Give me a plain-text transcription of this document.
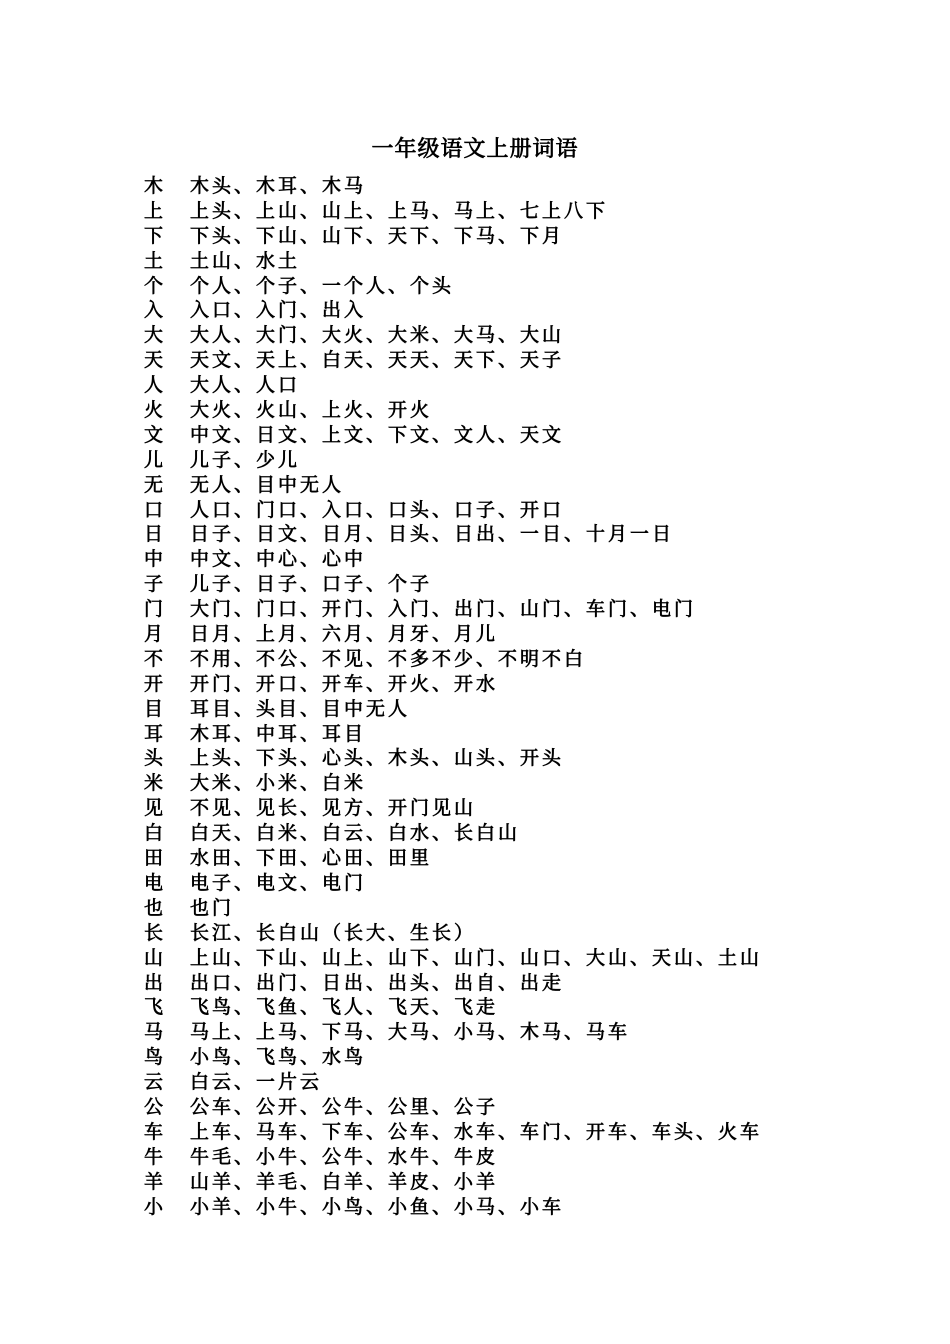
一年级语文上册词语
木	木头、木耳、木马
上	上头、上山、山上、上马、马上、七上八下
下	下头、下山、山下、天下、下马、下月
土	土山、水土
个	个人、个子、一个人、个头
入	入口、入门、出入
大	大人、大门、大火、大米、大马、大山
天	天文、天上、白天、天天、天下、天子
人	大人、人口
火	大火、火山、上火、开火
文	中文、日文、上文、下文、文人、天文
儿	儿子、少儿
无	无人、目中无人
口	人口、门口、入口、口头、口子、开口
日	日子、日文、日月、日头、日出、一日、十月一日
中	中文、中心、心中
子	儿子、日子、口子、个子
门	大门、门口、开门、入门、出门、山门、车门、电门
月	日月、上月、六月、月牙、月儿
不	不用、不公、不见、不多不少、不明不白
开	开门、开口、开车、开火、开水
目	耳目、头目、目中无人
耳	木耳、中耳、耳目
头	上头、下头、心头、木头、山头、开头
米	大米、小米、白米
见	不见、见长、见方、开门见山
白	白天、白米、白云、白水、长白山
田	水田、下田、心田、田里
电	电子、电文、电门
也	也门
长	长江、长白山（长大、生长）
山	上山、下山、山上、山下、山门、山口、大山、天山、土山
出	出口、出门、日出、出头、出自、出走
飞	飞鸟、飞鱼、飞人、飞天、飞走
马	马上、上马、下马、大马、小马、木马、马车
鸟	小鸟、飞鸟、水鸟
云	白云、一片云
公	公车、公开、公牛、公里、公子
车	上车、马车、下车、公车、水车、车门、开车、车头、火车
牛	牛毛、小牛、公牛、水牛、牛皮
羊	山羊、羊毛、白羊、羊皮、小羊
小	小羊、小牛、小鸟、小鱼、小马、小车
